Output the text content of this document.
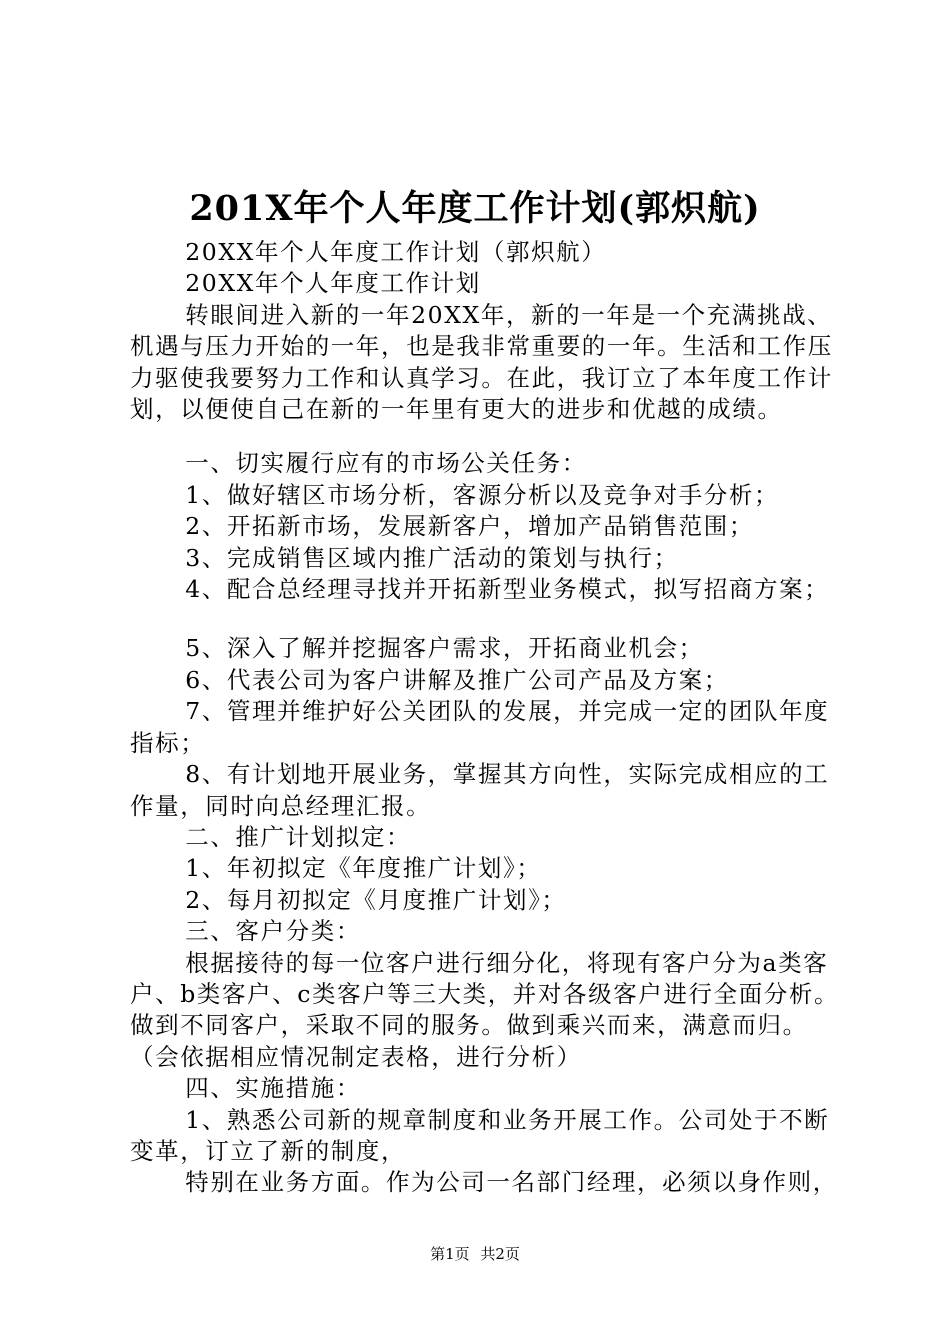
201X年个人年度工作计划(郭炽航)

20XX年个人年度工作计划（郭炽航）

20XX年个人年度工作计划

转眼间进入新的一年20XX年，新的一年是一个充满挑战、机遇与压力开始的一年，也是我非常重要的一年。生活和工作压力驱使我要努力工作和认真学习。在此，我订立了本年度工作计划，以便使自己在新的一年里有更大的进步和优越的成绩。

一、切实履行应有的市场公关任务：

1、做好辖区市场分析，客源分析以及竞争对手分析；

2、开拓新市场，发展新客户，增加产品销售范围；

3、完成销售区域内推广活动的策划与执行；

4、配合总经理寻找并开拓新型业务模式，拟写招商方案；

5、深入了解并挖掘客户需求，开拓商业机会；

6、代表公司为客户讲解及推广公司产品及方案；

7、管理并维护好公关团队的发展，并完成一定的团队年度指标；

8、有计划地开展业务，掌握其方向性，实际完成相应的工作量，同时向总经理汇报。

二、推广计划拟定：

1、年初拟定《年度推广计划》；

2、每月初拟定《月度推广计划》；

三、客户分类：

根据接待的每一位客户进行细分化，将现有客户分为a类客户、b类客户、c类客户等三大类，并对各级客户进行全面分析。做到不同客户，采取不同的服务。做到乘兴而来，满意而归。（会依据相应情况制定表格，进行分析）

四、实施措施：

1、熟悉公司新的规章制度和业务开展工作。公司处于不断变革，订立了新的制度，

特别在业务方面。作为公司一名部门经理，必须以身作则，

第1页 共2页
